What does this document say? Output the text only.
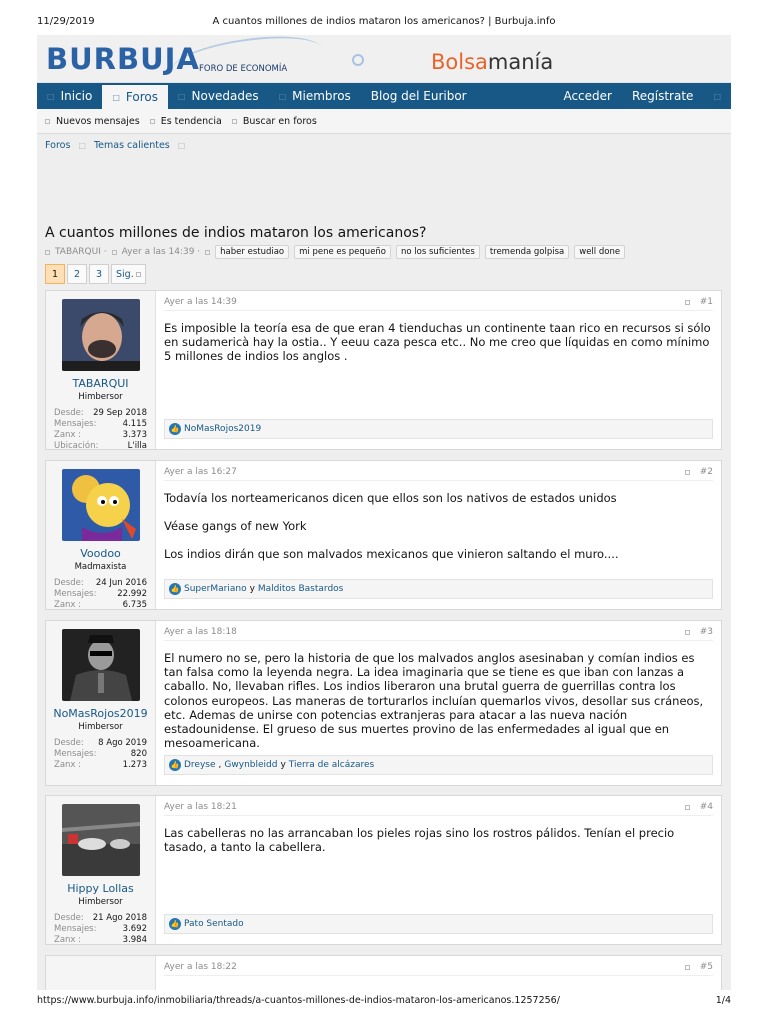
11/29/2019	A cuantos millones de indios mataron los americanos? | Burbuja.info
BURBUJA FORO DE ECONOMÍA	Bolsamanía
□ Inicio	□ Foros	□ Novedades	□ Miembros Blog del Euribor	Acceder Regístrate	□
Nuevos mensajes Es tendencia Buscar en foros
Foros □ Temas calientes □
A cuantos millones de indios mataron los americanos?
TABARQUI · Ayer a las 14:39 ·	haber estudiao	mi pene es pequeño	no los suficientes	tremenda golpisa	well done
1	2	3	Sig.
TABARQUI
Himbersor
Desde: 29 Sep 2018
Mensajes:	4.115
Zanx :	3.373
Ubicación:	L'illa
Ayer a las 14:39	#1

Es imposible la teoría esa de que eran 4 tienduchas un continente taan rico en recursos si sólo en sudamericà hay la ostia.. Y eeuu caza pesca etc.. No me creo que líquidas en como mínimo 5 millones de indios los anglos .

👍 NoMasRojos2019
Voodoo
Madmaxista
Desde: 24 Jun 2016
Mensajes: 22.992
Zanx :	6.735
Ayer a las 16:27	#2

Todavía los norteamericanos dicen que ellos son los nativos de estados unidos

Véase gangs of new York

Los indios dirán que son malvados mexicanos que vinieron saltando el muro....

👍 SuperMariano y Malditos Bastardos
NoMasRojos2019
Himbersor
Desde: 8 Ago 2019
Mensajes:	820
Zanx :	1.273
Ayer a las 18:18	#3

El numero no se, pero la historia de que los malvados anglos asesinaban y comían indios es tan falsa como la leyenda negra. La idea imaginaria que se tiene es que iban con lanzas a caballo. No, llevaban rifles. Los indios liberaron una brutal guerra de guerrillas contra los colonos europeos. Las maneras de torturarlos incluían quemarlos vivos, desollar sus cráneos, etc. Ademas de unirse con potencias extranjeras para atacar a las nueva nación estadounidense. El grueso de sus muertes provino de las enfermedades al igual que en mesoamericana.

👍 Dreyse , Gwynbleidd y Tierra de alcázares
Hippy Lollas
Himbersor
Desde: 21 Ago 2018
Mensajes:	3.692
Zanx :	3.984
Ayer a las 18:21	#4

Las cabelleras no las arrancaban los pieles rojas sino los rostros pálidos. Tenían el precio tasado, a tanto la cabellera.

👍 Pato Sentado
Ayer a las 18:22	#5
https://www.burbuja.info/inmobiliaria/threads/a-cuantos-millones-de-indios-mataron-los-americanos.1257256/	1/4
